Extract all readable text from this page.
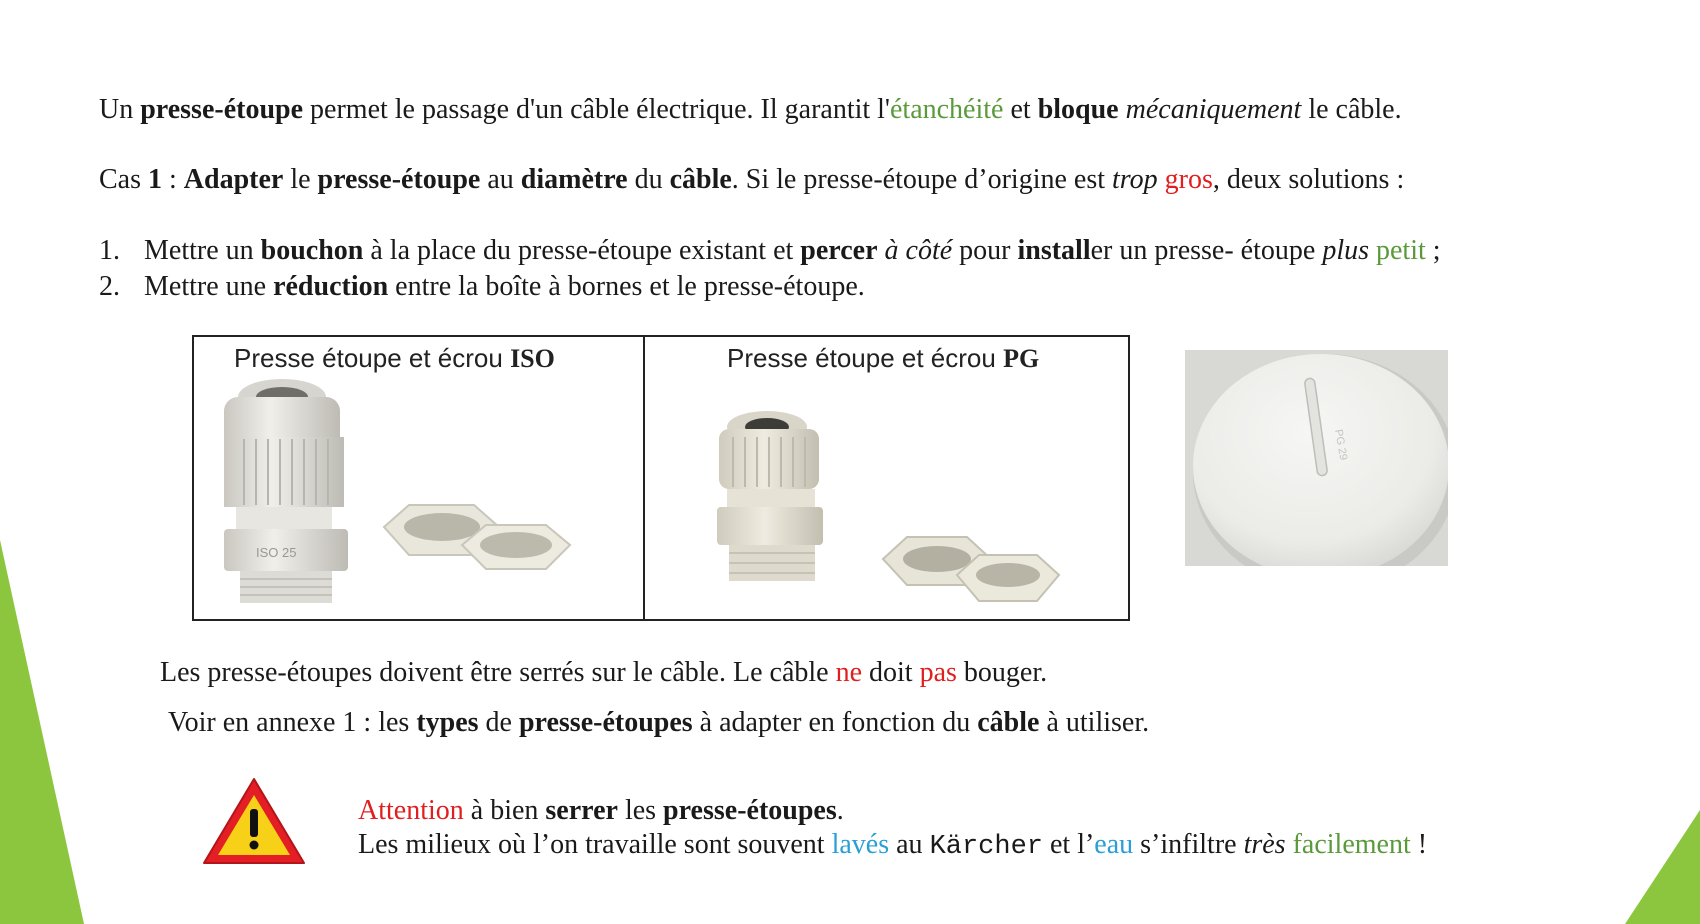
Un presse-étoupe permet le passage d'un câble électrique. Il garantit l'étanchéité et bloque mécaniquement le câble.
Cas 1 : Adapter le presse-étoupe au diamètre du câble. Si le presse-étoupe d’origine est trop gros, deux solutions :
1. Mettre un bouchon à la place du presse-étoupe existant et percer à côté pour installer un presse- étoupe plus petit ;
2. Mettre une réduction entre la boîte à bornes et le presse-étoupe.
Presse étoupe et écrou ISO
ISO 25
Presse étoupe et écrou PG
PG 29
Les presse-étoupes doivent être serrés sur le câble. Le câble ne doit pas bouger.
Voir en annexe 1 : les types de presse-étoupes à adapter en fonction du câble à utiliser.
Attention à bien serrer les presse-étoupes.
Les milieux où l’on travaille sont souvent lavés au Kärcher et l’eau s’infiltre très facilement !
